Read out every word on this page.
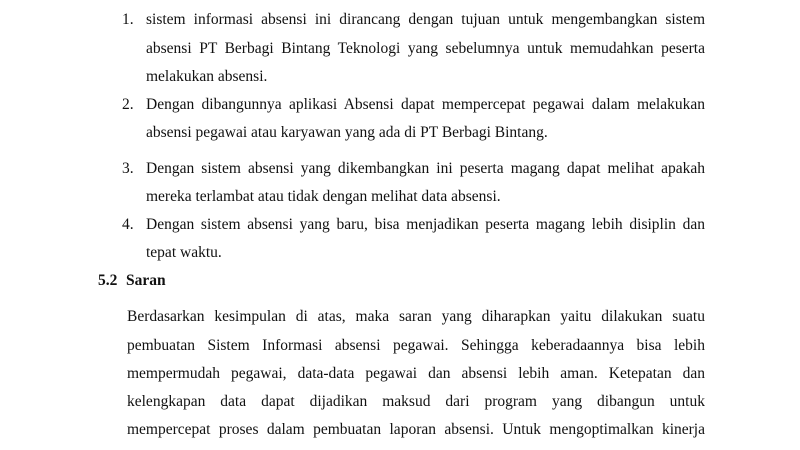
1. sistem informasi absensi ini dirancang dengan tujuan untuk mengembangkan sistem
absensi PT Berbagi Bintang Teknologi yang sebelumnya untuk memudahkan peserta
melakukan absensi.
2. Dengan dibangunnya aplikasi Absensi dapat mempercepat pegawai dalam melakukan
absensi pegawai atau karyawan yang ada di PT Berbagi Bintang.
3. Dengan sistem absensi yang dikembangkan ini peserta magang dapat melihat apakah
mereka terlambat atau tidak dengan melihat data absensi.
4. Dengan sistem absensi yang baru, bisa menjadikan peserta magang lebih disiplin dan
tepat waktu.
5.2 Saran
Berdasarkan kesimpulan di atas, maka saran yang diharapkan yaitu dilakukan suatu
pembuatan Sistem Informasi absensi pegawai. Sehingga keberadaannya bisa lebih
mempermudah pegawai, data-data pegawai dan absensi lebih aman. Ketepatan dan
kelengkapan data dapat dijadikan maksud dari program yang dibangun untuk
mempercepat proses dalam pembuatan laporan absensi. Untuk mengoptimalkan kinerja
